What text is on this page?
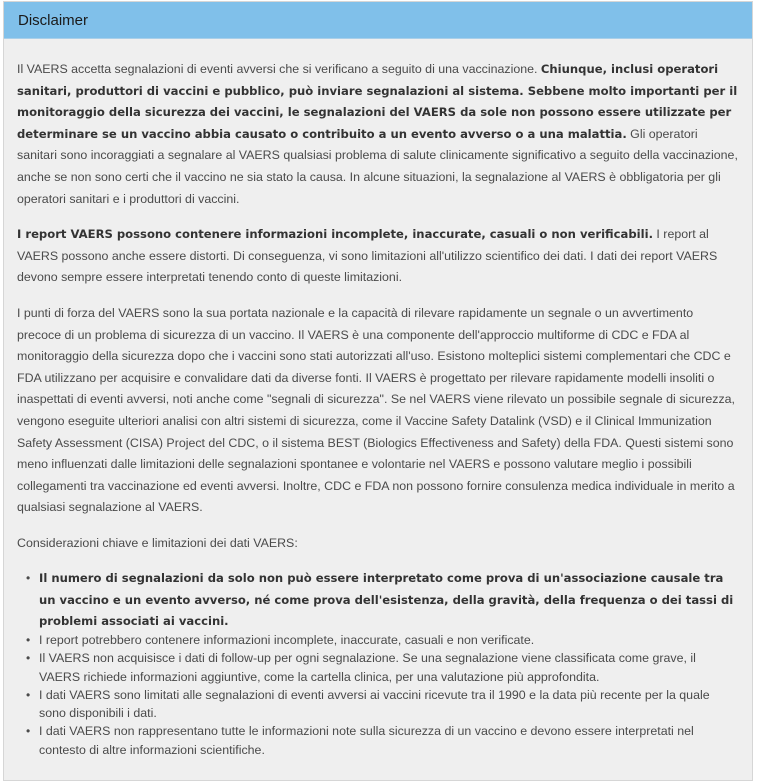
Disclaimer

Il VAERS accetta segnalazioni di eventi avversi che si verificano a seguito di una vaccinazione. Chiunque, inclusi operatori sanitari, produttori di vaccini e pubblico, può inviare segnalazioni al sistema. Sebbene molto importanti per il monitoraggio della sicurezza dei vaccini, le segnalazioni del VAERS da sole non possono essere utilizzate per determinare se un vaccino abbia causato o contribuito a un evento avverso o a una malattia. Gli operatori sanitari sono incoraggiati a segnalare al VAERS qualsiasi problema di salute clinicamente significativo a seguito della vaccinazione, anche se non sono certi che il vaccino ne sia stato la causa. In alcune situazioni, la segnalazione al VAERS è obbligatoria per gli operatori sanitari e i produttori di vaccini.

I report VAERS possono contenere informazioni incomplete, inaccurate, casuali o non verificabili. I report al VAERS possono anche essere distorti. Di conseguenza, vi sono limitazioni all'utilizzo scientifico dei dati. I dati dei report VAERS devono sempre essere interpretati tenendo conto di queste limitazioni.

I punti di forza del VAERS sono la sua portata nazionale e la capacità di rilevare rapidamente un segnale o un avvertimento precoce di un problema di sicurezza di un vaccino. Il VAERS è una componente dell'approccio multiforme di CDC e FDA al monitoraggio della sicurezza dopo che i vaccini sono stati autorizzati all'uso. Esistono molteplici sistemi complementari che CDC e FDA utilizzano per acquisire e convalidare dati da diverse fonti. Il VAERS è progettato per rilevare rapidamente modelli insoliti o inaspettati di eventi avversi, noti anche come "segnali di sicurezza". Se nel VAERS viene rilevato un possibile segnale di sicurezza, vengono eseguite ulteriori analisi con altri sistemi di sicurezza, come il Vaccine Safety Datalink (VSD) e il Clinical Immunization Safety Assessment (CISA) Project del CDC, o il sistema BEST (Biologics Effectiveness and Safety) della FDA. Questi sistemi sono meno influenzati dalle limitazioni delle segnalazioni spontanee e volontarie nel VAERS e possono valutare meglio i possibili collegamenti tra vaccinazione ed eventi avversi. Inoltre, CDC e FDA non possono fornire consulenza medica individuale in merito a qualsiasi segnalazione al VAERS.

Considerazioni chiave e limitazioni dei dati VAERS:

• Il numero di segnalazioni da solo non può essere interpretato come prova di un'associazione causale tra un vaccino e un evento avverso, né come prova dell'esistenza, della gravità, della frequenza o dei tassi di problemi associati ai vaccini.
• I report potrebbero contenere informazioni incomplete, inaccurate, casuali e non verificate.
• Il VAERS non acquisisce i dati di follow-up per ogni segnalazione. Se una segnalazione viene classificata come grave, il VAERS richiede informazioni aggiuntive, come la cartella clinica, per una valutazione più approfondita.
• I dati VAERS sono limitati alle segnalazioni di eventi avversi ai vaccini ricevute tra il 1990 e la data più recente per la quale sono disponibili i dati.
• I dati VAERS non rappresentano tutte le informazioni note sulla sicurezza di un vaccino e devono essere interpretati nel contesto di altre informazioni scientifiche.
